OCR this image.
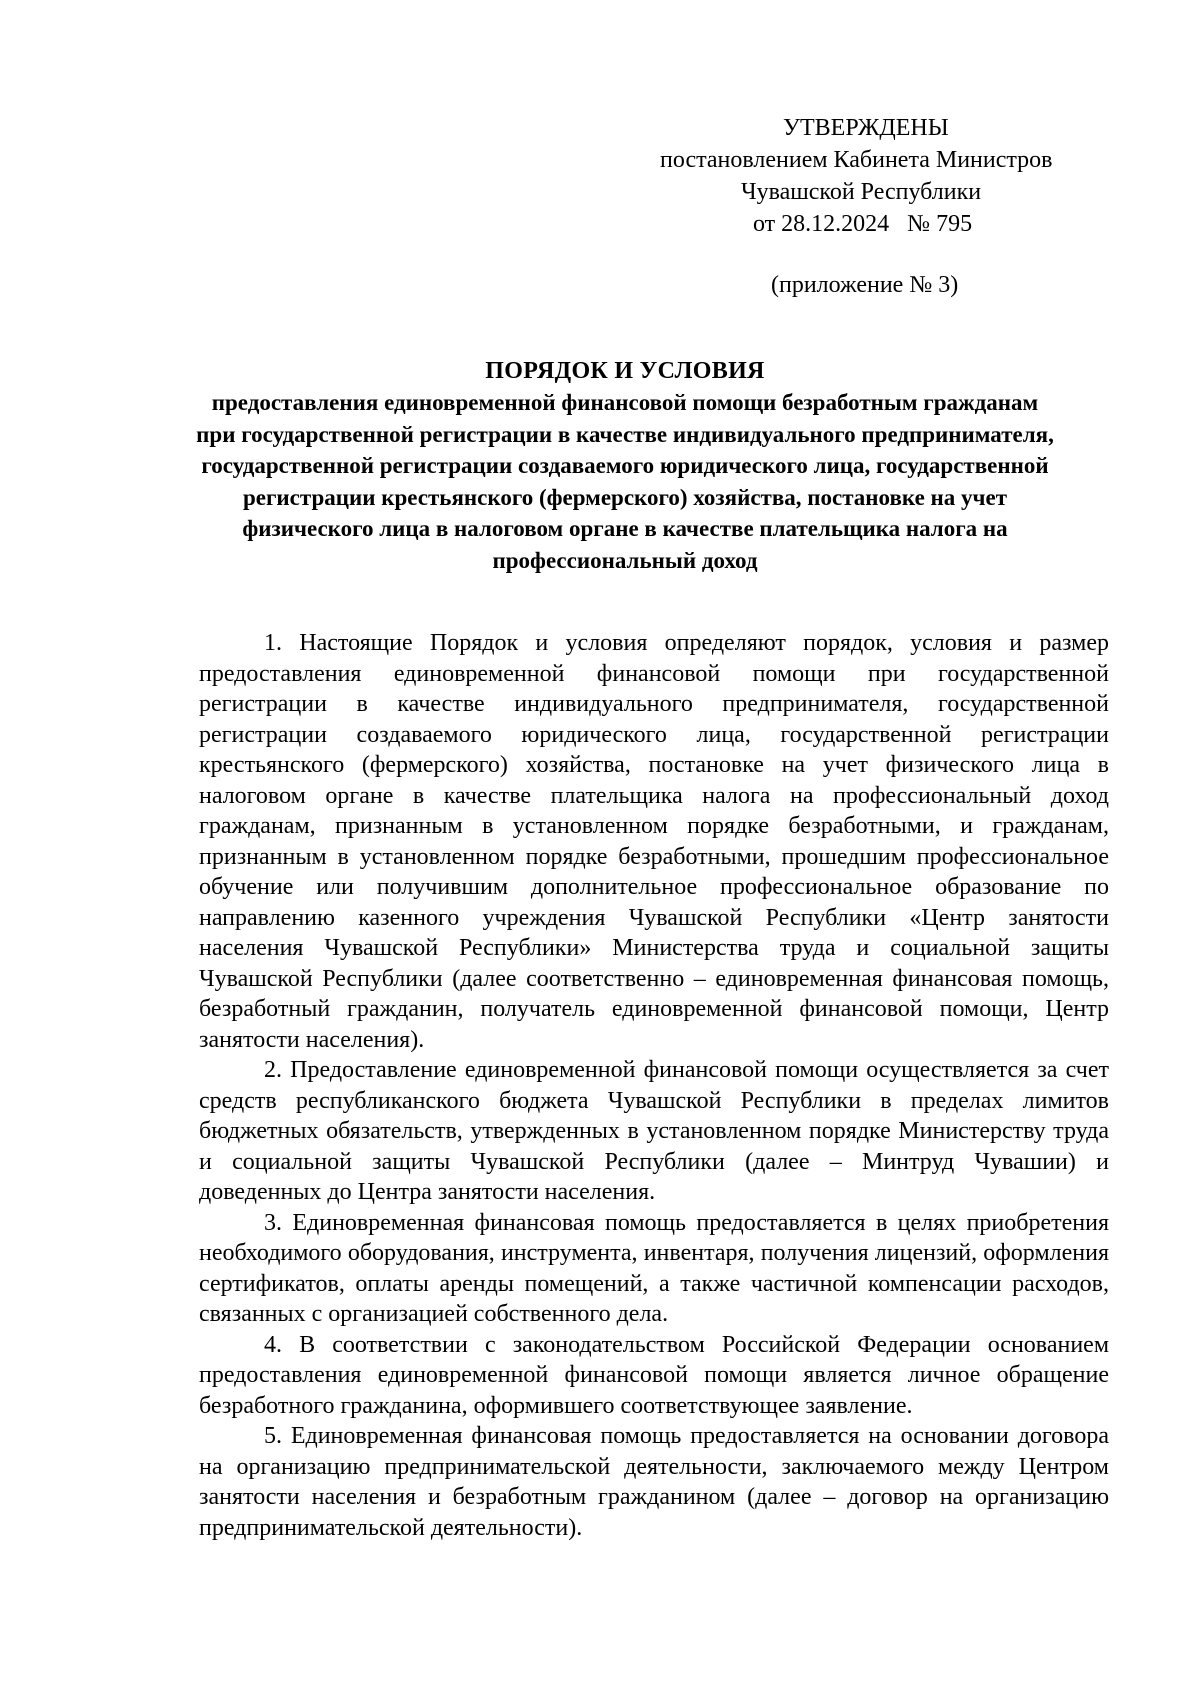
УТВЕРЖДЕНЫ
постановлением Кабинета Министров
Чувашской Республики
от 28.12.2024   № 795
(приложение № 3)
ПОРЯДОК И УСЛОВИЯ

предоставления единовременной финансовой помощи безработным гражданам при государственной регистрации в качестве индивидуального предпринимателя, государственной регистрации создаваемого юридического лица, государственной регистрации крестьянского (фермерского) хозяйства, постановке на учет физического лица в налоговом органе в качестве плательщика налога на профессиональный доход

1. Настоящие Порядок и условия определяют порядок, условия и размер предоставления единовременной финансовой помощи при государственной регистрации в качестве индивидуального предпринимателя, государственной регистрации создаваемого юридического лица, государственной регистрации крестьянского (фермерского) хозяйства, постановке на учет физического лица в налоговом органе в качестве плательщика налога на профессиональный доход гражданам, признанным в установленном порядке безработными, и гражданам, признанным в установленном порядке безработными, прошедшим профессиональное обучение или получившим дополнительное профессиональное образование по направлению казенного учреждения Чувашской Республики «Центр занятости населения Чувашской Республики» Министерства труда и социальной защиты Чувашской Республики (далее соответственно – единовременная финансовая помощь, безработный гражданин, получатель единовременной финансовой помощи, Центр занятости населения).

2. Предоставление единовременной финансовой помощи осуществляется за счет средств республиканского бюджета Чувашской Республики в пределах лимитов бюджетных обязательств, утвержденных в установленном порядке Министерству труда и социальной защиты Чувашской Республики (далее – Минтруд Чувашии) и доведенных до Центра занятости населения.

3. Единовременная финансовая помощь предоставляется в целях приобретения необходимого оборудования, инструмента, инвентаря, получения лицензий, оформления сертификатов, оплаты аренды помещений, а также частичной компенсации расходов, связанных с организацией собственного дела.

4. В соответствии с законодательством Российской Федерации основанием предоставления единовременной финансовой помощи является личное обращение безработного гражданина, оформившего соответствующее заявление.

5. Единовременная финансовая помощь предоставляется на основании договора на организацию предпринимательской деятельности, заключаемого между Центром занятости населения и безработным гражданином (далее – договор на организацию предпринимательской деятельности).
